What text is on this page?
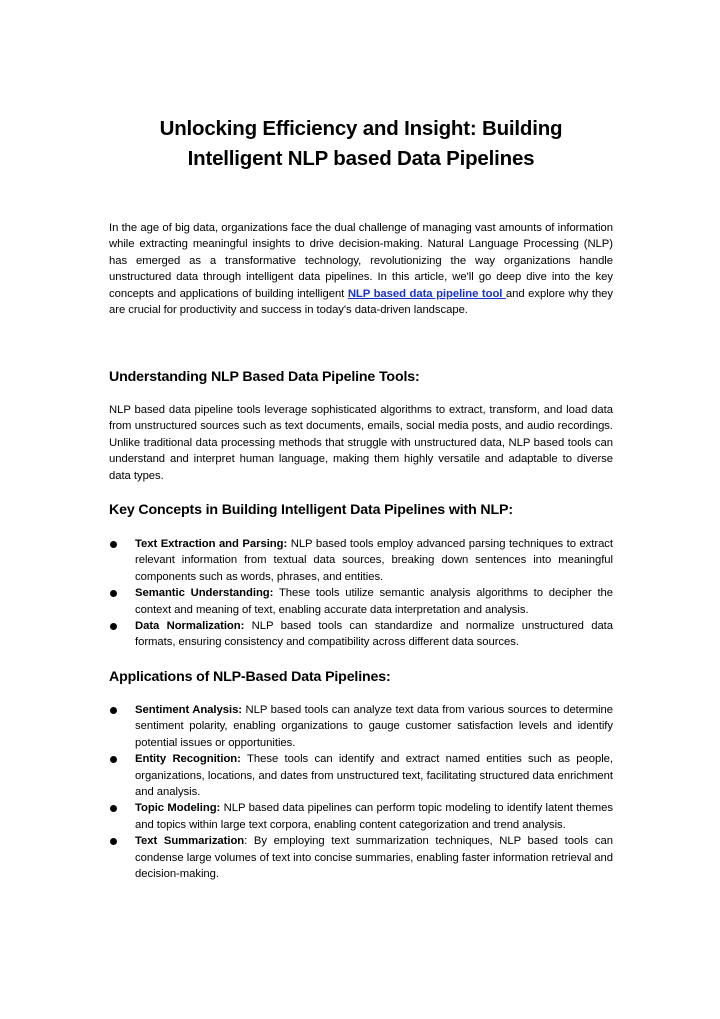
Unlocking Efficiency and Insight: Building
Intelligent NLP based Data Pipelines

In the age of big data, organizations face the dual challenge of managing vast amounts of information while extracting meaningful insights to drive decision-making. Natural Language Processing (NLP) has emerged as a transformative technology, revolutionizing the way organizations handle unstructured data through intelligent data pipelines. In this article, we'll go deep dive into the key concepts and applications of building intelligent NLP based data pipeline tool and explore why they are crucial for productivity and success in today's data-driven landscape.

Understanding NLP Based Data Pipeline Tools:

NLP based data pipeline tools leverage sophisticated algorithms to extract, transform, and load data from unstructured sources such as text documents, emails, social media posts, and audio recordings. Unlike traditional data processing methods that struggle with unstructured data, NLP based tools can understand and interpret human language, making them highly versatile and adaptable to diverse data types.

Key Concepts in Building Intelligent Data Pipelines with NLP:
Text Extraction and Parsing: NLP based tools employ advanced parsing techniques to extract relevant information from textual data sources, breaking down sentences into meaningful components such as words, phrases, and entities.
Semantic Understanding: These tools utilize semantic analysis algorithms to decipher the context and meaning of text, enabling accurate data interpretation and analysis.
Data Normalization: NLP based tools can standardize and normalize unstructured data formats, ensuring consistency and compatibility across different data sources.
Applications of NLP-Based Data Pipelines:
Sentiment Analysis: NLP based tools can analyze text data from various sources to determine sentiment polarity, enabling organizations to gauge customer satisfaction levels and identify potential issues or opportunities.
Entity Recognition: These tools can identify and extract named entities such as people, organizations, locations, and dates from unstructured text, facilitating structured data enrichment and analysis.
Topic Modeling: NLP based data pipelines can perform topic modeling to identify latent themes and topics within large text corpora, enabling content categorization and trend analysis.
Text Summarization: By employing text summarization techniques, NLP based tools can condense large volumes of text into concise summaries, enabling faster information retrieval and decision-making.
